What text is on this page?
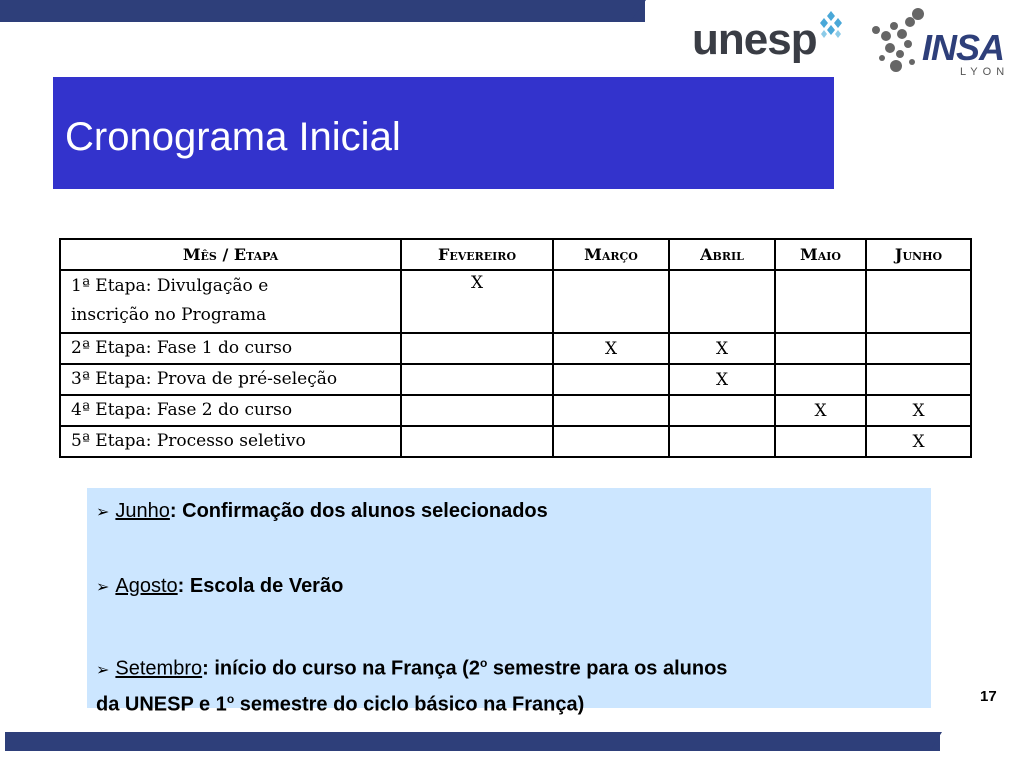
unesp	INSA
LYON
Cronograma Inicial
Mês / Etapa	Fevereiro	Março	Abril	Maio	Junho

1ª Etapa: Divulgação e
inscrição no Programa	X				
2ª Etapa: Fase 1 do curso		X	X		
3ª Etapa: Prova de pré-seleção			X		
4ª Etapa: Fase 2 do curso				X	X
5ª Etapa: Processo seletivo					X
➢ Junho: Confirmação dos alunos selecionados
➢ Agosto: Escola de Verão
➢ Setembro: início do curso na França (2$^o$ semestre para os alunos
da UNESP e 1$^o$ semestre do ciclo básico na França)	17
